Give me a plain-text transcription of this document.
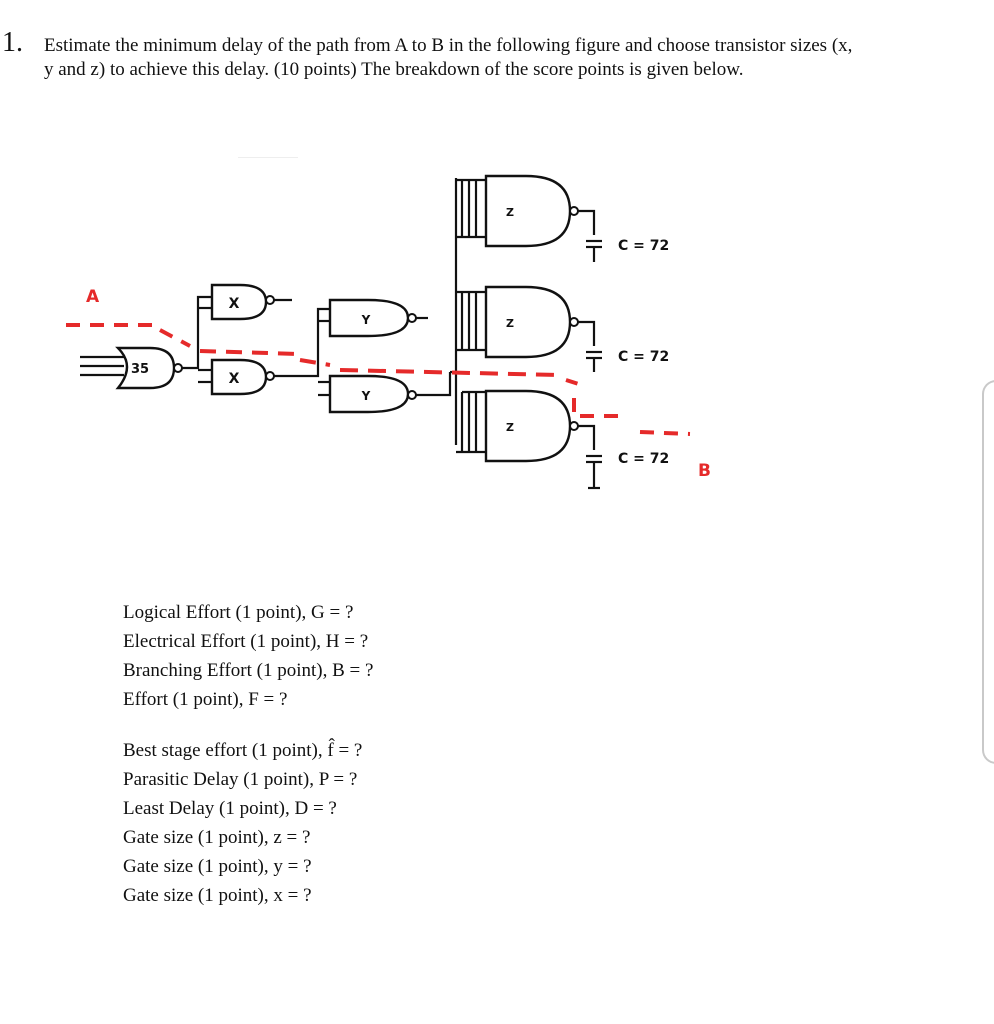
1. Estimate the minimum delay of the path from A to B in the following figure and choose transistor sizes (x,
y and z) to achieve this delay. (10 points) The breakdown of the score points is given below.
35
X
X
Y
Y
Z
Z
Z
C = 72
C = 72
C = 72
A
B
Logical Effort (1 point), G = ?
Electrical Effort (1 point), H = ?
Branching Effort (1 point), B = ?
Effort (1 point), F = ?
Best stage effort (1 point), f̂ = ?
Parasitic Delay (1 point), P = ?
Least Delay (1 point), D = ?
Gate size (1 point), z = ?
Gate size (1 point), y = ?
Gate size (1 point), x = ?
